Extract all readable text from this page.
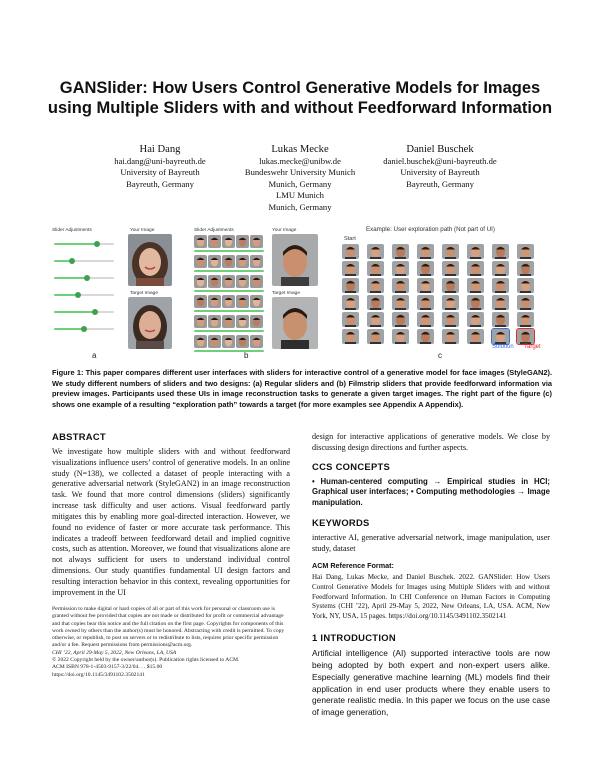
GANSlider: How Users Control Generative Models for Images using Multiple Sliders with and without Feedforward Information
Hai Dang
hai.dang@uni-bayreuth.de
University of Bayreuth
Bayreuth, Germany
Lukas Mecke
lukas.mecke@unibw.de
Bundeswehr University Munich
Munich, Germany
LMU Munich
Munich, Germany
Daniel Buschek
daniel.buschek@uni-bayreuth.de
University of Bayreuth
Bayreuth, Germany
Slider Adjustments	Your Image
Target Image
a
Slider Adjustments	Your Image
Target Image
b
Example: User exploration path (Not part of UI)
Start
Solution Target
c
Figure 1: This paper compares different user interfaces with sliders for interactive control of a generative model for face images (StyleGAN2). We study different numbers of sliders and two designs: (a) Regular sliders and (b) Filmstrip sliders that provide feedforward information via preview images. Participants used these UIs in image reconstruction tasks to generate a given target images. The right part of the figure (c) shows one example of a resulting “exploration path” towards a target (for more examples see Appendix A Appendix).
ABSTRACT

We investigate how multiple sliders with and without feedforward visualizations influence users’ control of generative models. In an online study (N=138), we collected a dataset of people interacting with a generative adversarial network (StyleGAN2) in an image reconstruction task. We found that more control dimensions (sliders) significantly increase task difficulty and user actions. Visual feedforward partly mitigates this by enabling more goal-directed interaction. However, we found no evidence of faster or more accurate task performance. This indicates a tradeoff between feedforward detail and implied cognitive costs, such as attention. Moreover, we found that visualizations alone are not always sufficient for users to understand individual control dimensions. Our study quantifies fundamental UI design factors and resulting interaction behavior in this context, revealing opportunities for improvement in the UI

Permission to make digital or hard copies of all or part of this work for personal or classroom use is granted without fee provided that copies are not made or distributed for profit or commercial advantage and that copies bear this notice and the full citation on the first page. Copyrights for components of this work owned by others than the author(s) must be honored. Abstracting with credit is permitted. To copy otherwise, or republish, to post on servers or to redistribute to lists, requires prior specific permission and/or a fee. Request permissions from permissions@acm.org.

CHI ’22, April 29-May 5, 2022, New Orleans, LA, USA

© 2022 Copyright held by the owner/author(s). Publication rights licensed to ACM.

ACM ISBN 978-1-4503-9157-3/22/04. . . $15.00

https://doi.org/10.1145/3491102.3502141

design for interactive applications of generative models. We close by discussing design directions and further aspects.

CCS CONCEPTS

• Human-centered computing → Empirical studies in HCI; Graphical user interfaces; • Computing methodologies → Image manipulation.

KEYWORDS

interactive AI, generative adversarial network, image manipulation, user study, dataset

ACM Reference Format:

Hai Dang, Lukas Mecke, and Daniel Buschek. 2022. GANSlider: How Users Control Generative Models for Images using Multiple Sliders with and without Feedforward Information. In CHI Conference on Human Factors in Computing Systems (CHI ’22), April 29-May 5, 2022, New Orleans, LA, USA. ACM, New York, NY, USA, 15 pages. https://doi.org/10.1145/3491102.3502141

1 INTRODUCTION

Artificial intelligence (AI) supported interactive tools are now being adopted by both expert and non-expert users alike. Especially generative machine learning (ML) models find their application in end user products where they enable users to generate realistic media. In this paper we focus on the use case of image generation,
